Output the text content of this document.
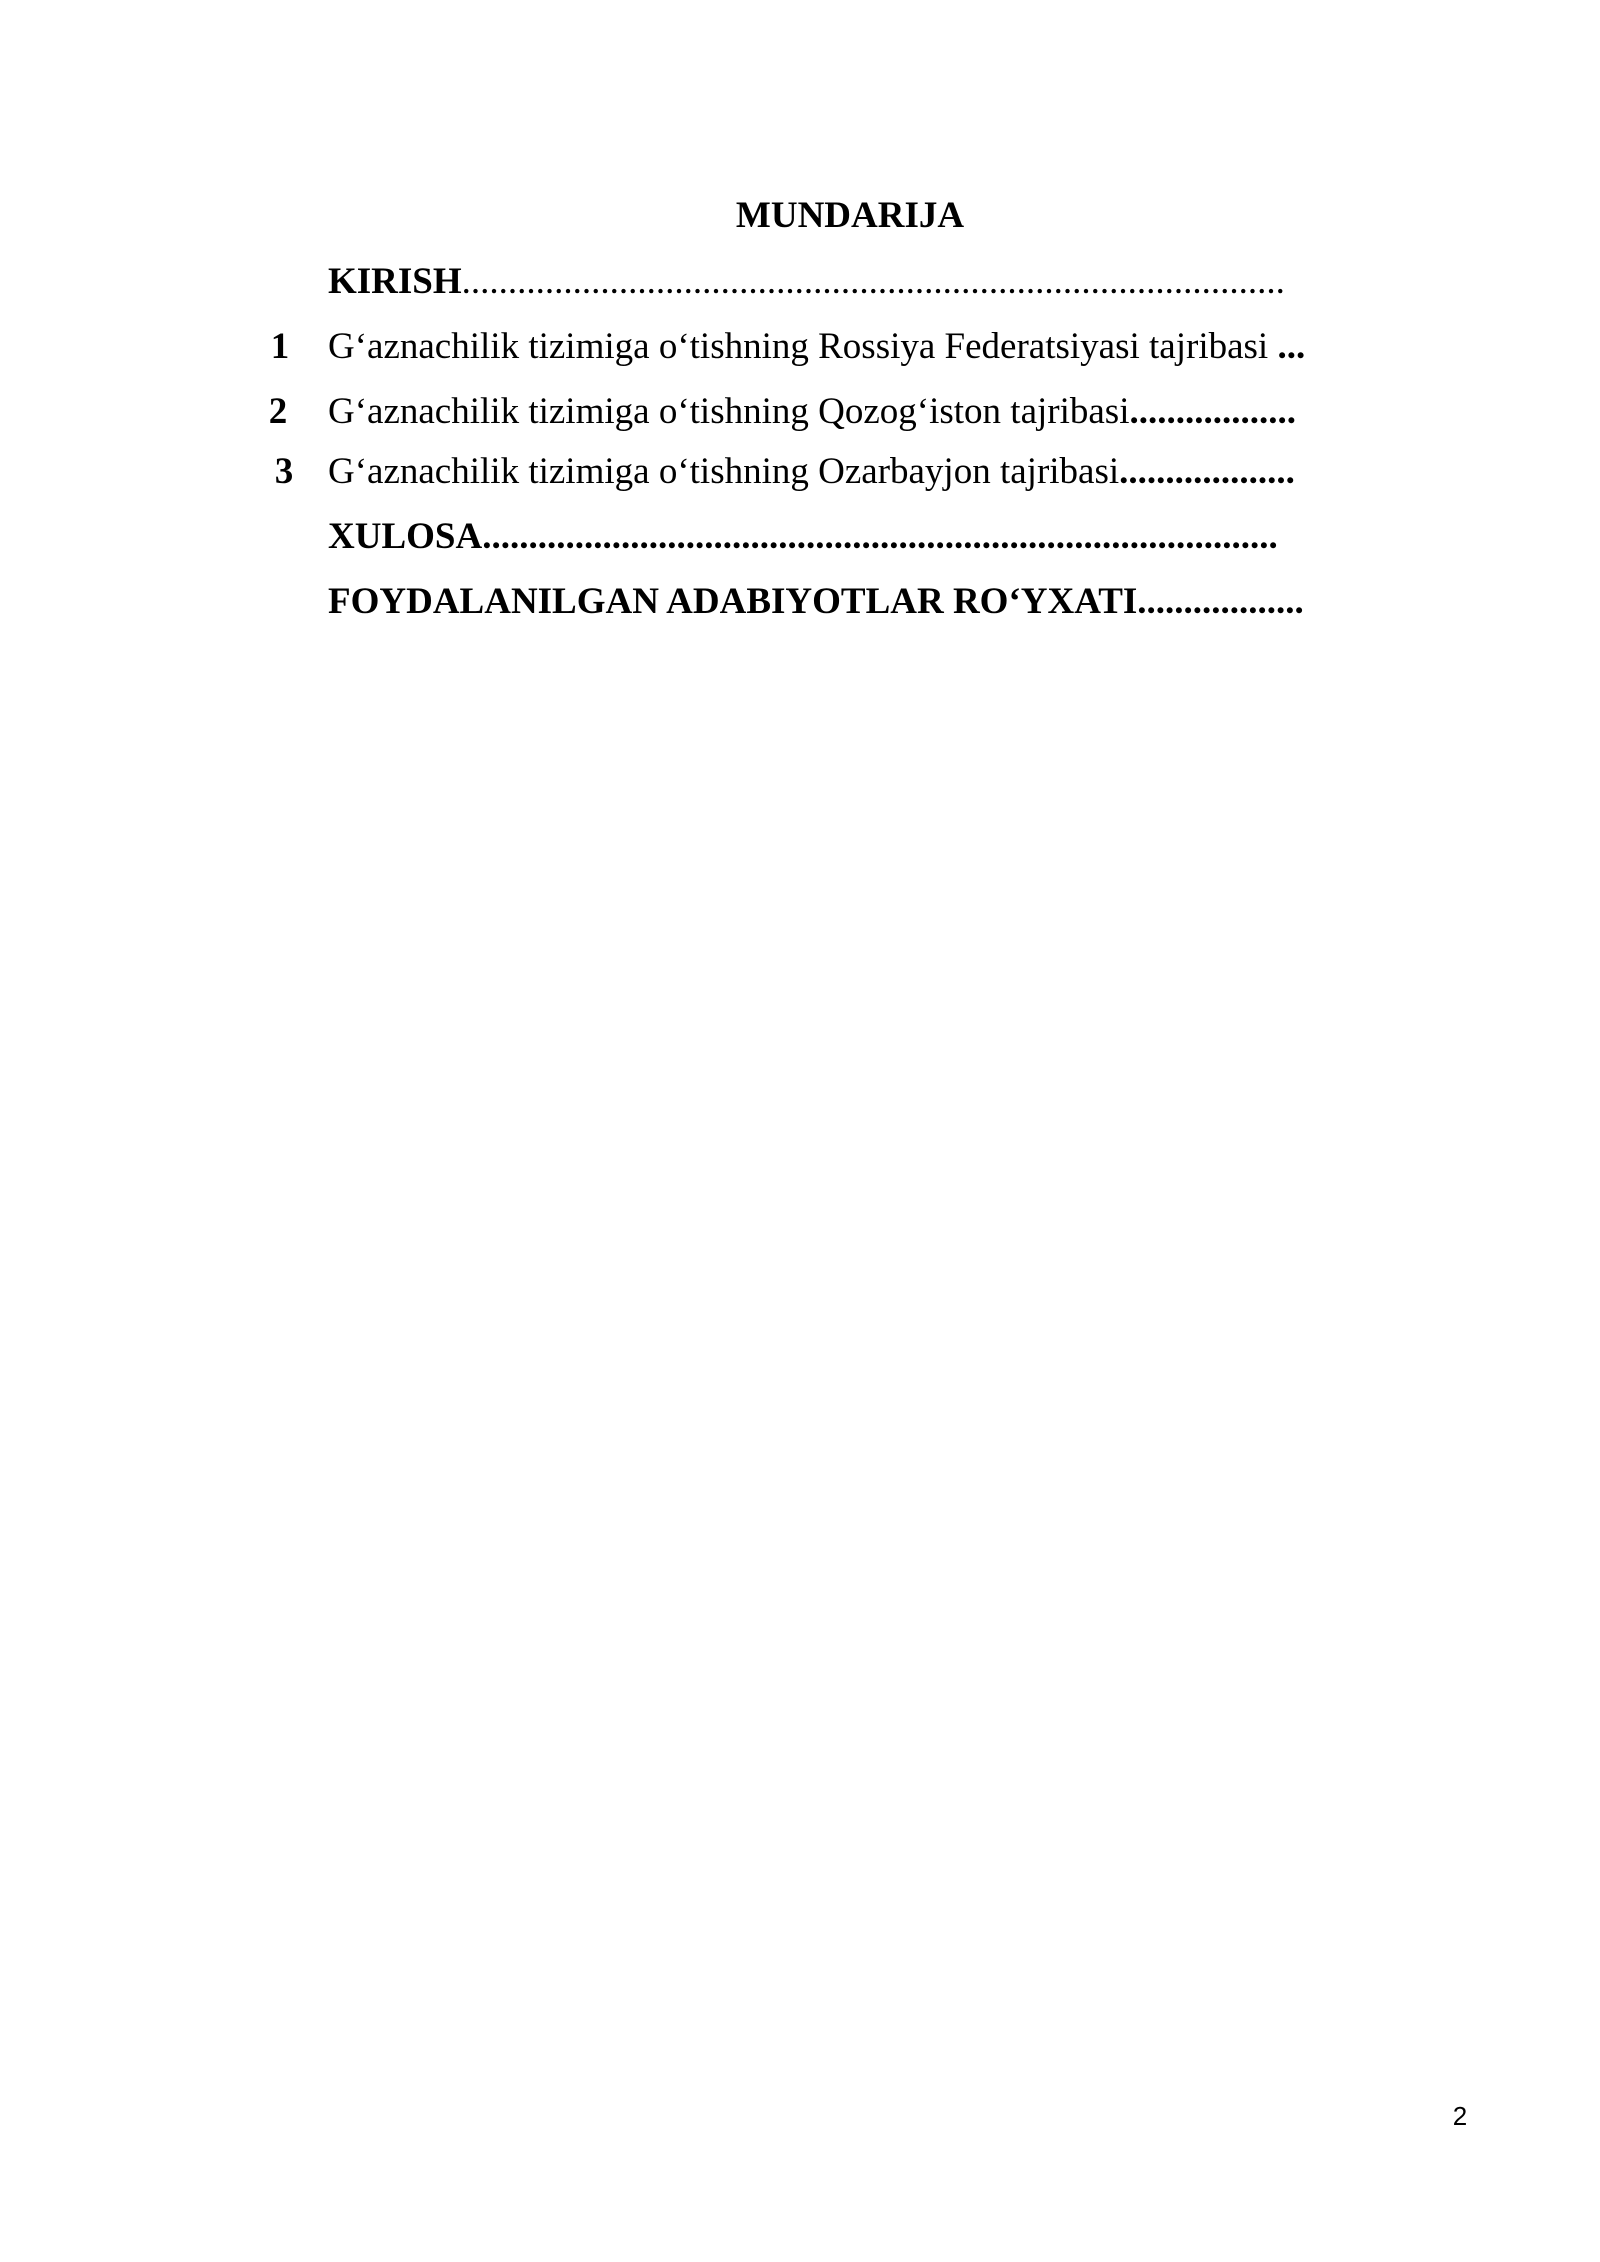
MUNDARIJA
KIRISH.........................................................................................
1 G‘aznachilik tizimiga o‘tishning Rossiya Federatsiyasi tajribasi ...
2 G‘aznachilik tizimiga o‘tishning Qozog‘iston tajribasi..................
3 G‘aznachilik tizimiga o‘tishning Ozarbayjon tajribasi...................
XULOSA......................................................................................
FOYDALANILGAN ADABIYOTLAR RO‘YXATI..................
2
